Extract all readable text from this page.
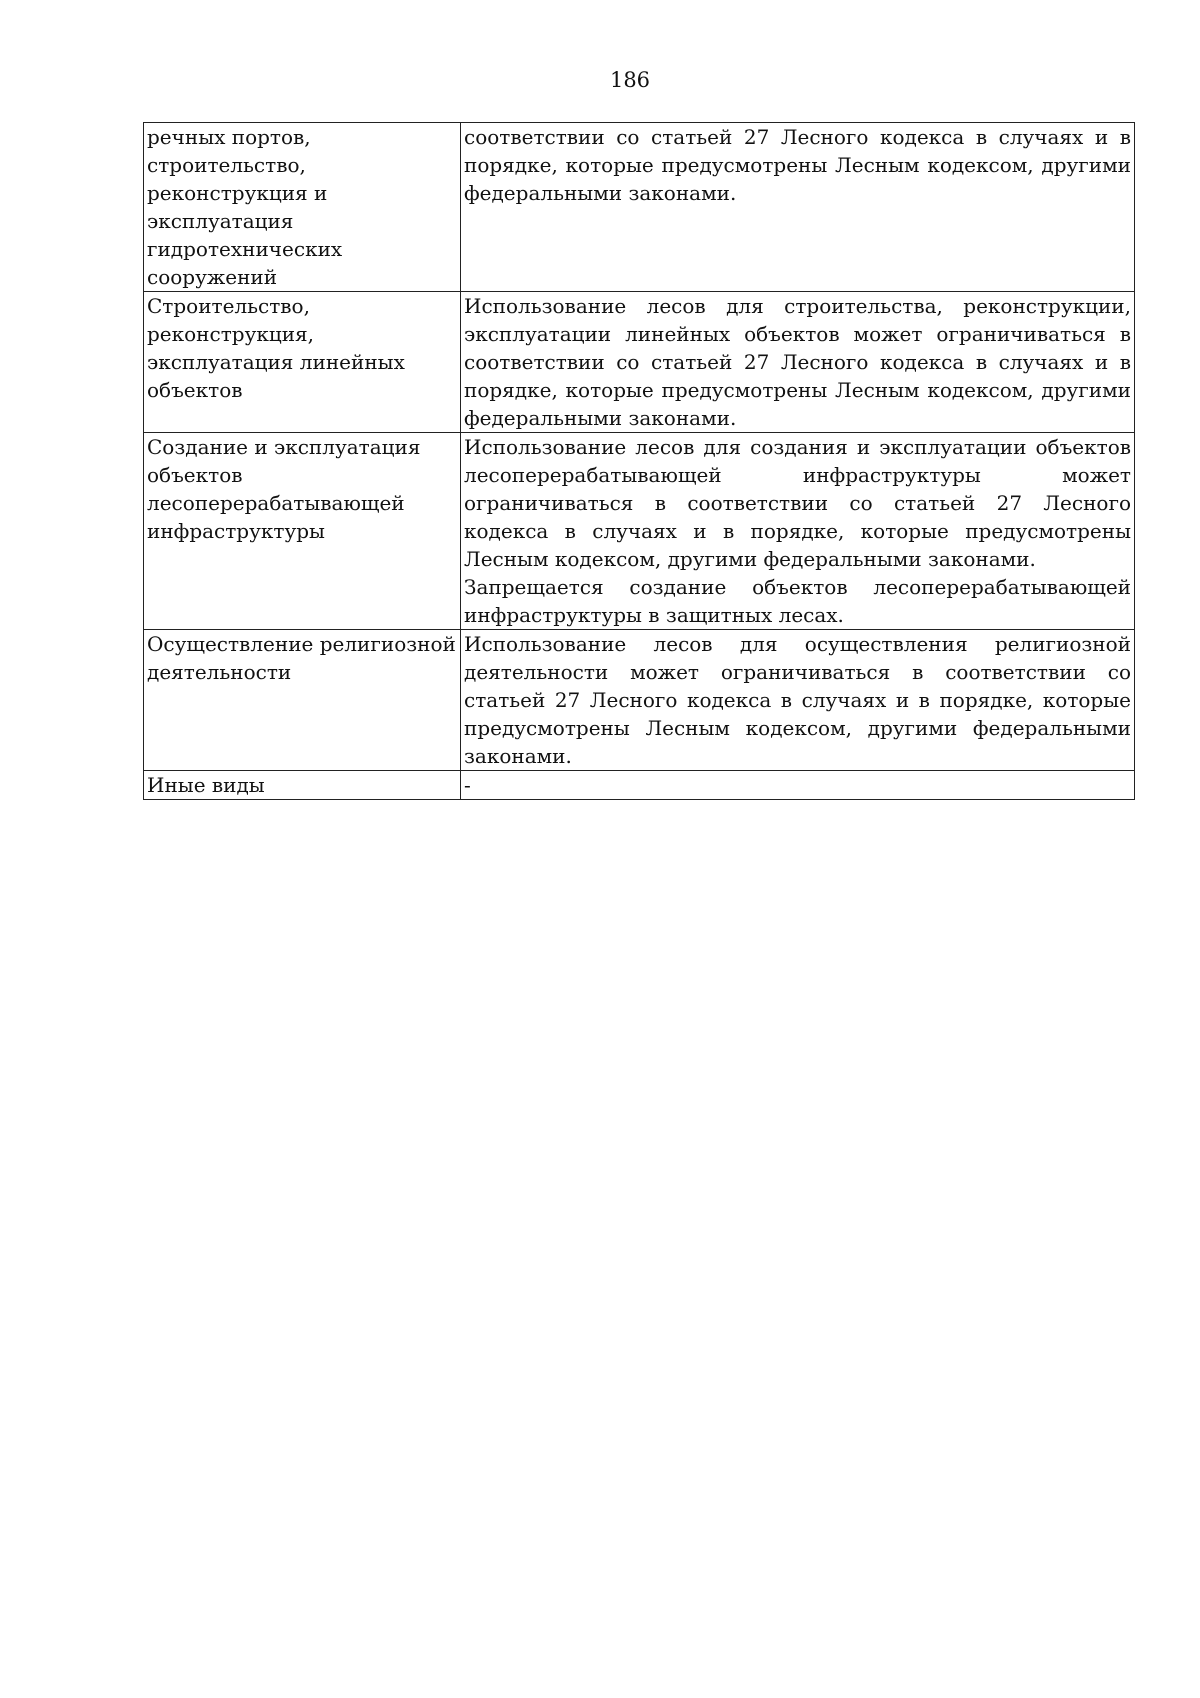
186
речных портов, строительство, реконструкция и эксплуатация гидротехнических сооружений	соответствии со статьей 27 Лесного кодекса в случаях и в порядке, которые предусмотрены Лесным кодексом, другими федеральными законами.

Строительство, реконструкция, эксплуатация линейных объектов	Использование лесов для строительства, реконструкции, эксплуатации линейных объектов может ограничиваться в соответствии со статьей 27 Лесного кодекса в случаях и в порядке, которые предусмотрены Лесным кодексом, другими федеральными законами.

Создание и эксплуатация объектов лесоперерабатывающей инфраструктуры	Использование лесов для создания и эксплуатации объектов лесоперерабатывающей инфраструктуры может ограничиваться в соответствии со статьей 27 Лесного кодекса в случаях и в порядке, которые предусмотрены Лесным кодексом, другими федеральными законами.

Запрещается создание объектов лесоперерабатывающей инфраструктуры в защитных лесах.

Осуществление религиозной деятельности	Использование лесов для осуществления религиозной деятельности может ограничиваться в соответствии со статьей 27 Лесного кодекса в случаях и в порядке, которые предусмотрены Лесным кодексом, другими федеральными законами.

Иные виды	-
